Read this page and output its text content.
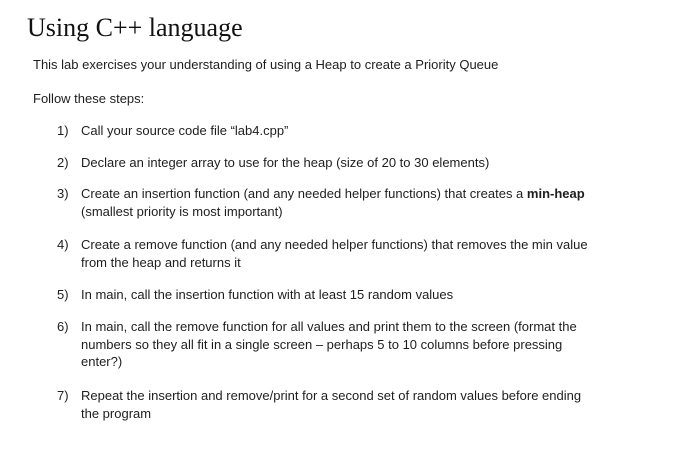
Using C++ language
This lab exercises your understanding of using a Heap to create a Priority Queue
Follow these steps:
1) Call your source code file “lab4.cpp”
2) Declare an integer array to use for the heap (size of 20 to 30 elements)
3) Create an insertion function (and any needed helper functions) that creates a min-heap
(smallest priority is most important)
4) Create a remove function (and any needed helper functions) that removes the min value
from the heap and returns it
5) In main, call the insertion function with at least 15 random values
6) In main, call the remove function for all values and print them to the screen (format the
numbers so they all fit in a single screen – perhaps 5 to 10 columns before pressing
enter?)
7) Repeat the insertion and remove/print for a second set of random values before ending
the program
